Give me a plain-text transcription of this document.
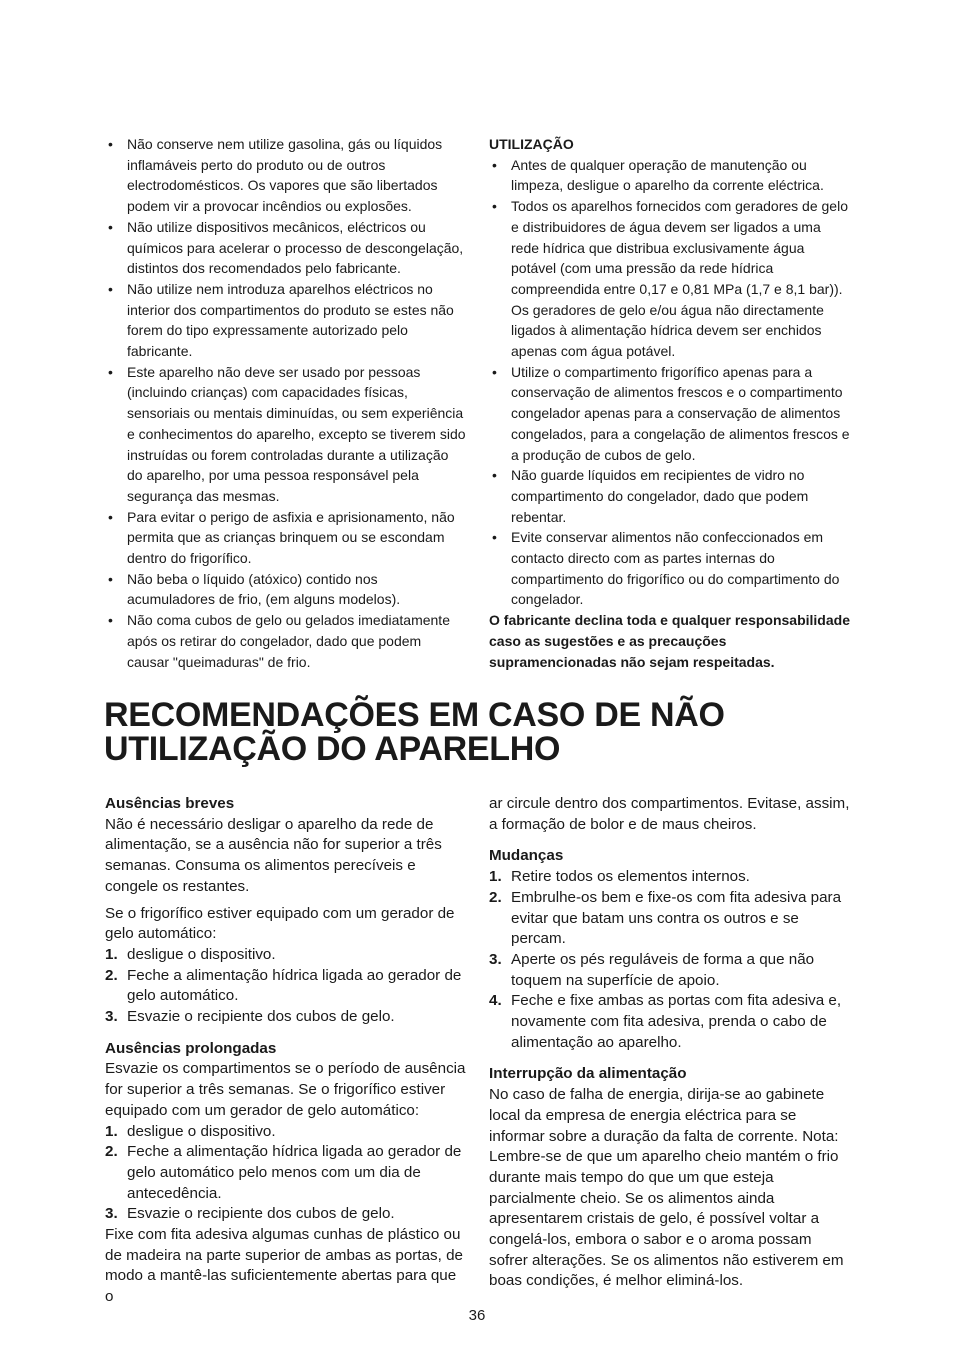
• Não conserve nem utilize gasolina, gás ou líquidos inflamáveis perto do produto ou de outros electrodomésticos. Os vapores que são libertados podem vir a provocar incêndios ou explosões.
• Não utilize dispositivos mecânicos, eléctricos ou químicos para acelerar o processo de descongelação, distintos dos recomendados pelo fabricante.
• Não utilize nem introduza aparelhos eléctricos no interior dos compartimentos do produto se estes não forem do tipo expressamente autorizado pelo fabricante.
• Este aparelho não deve ser usado por pessoas (incluindo crianças) com capacidades físicas, sensoriais ou mentais diminuídas, ou sem experiência e conhecimentos do aparelho, excepto se tiverem sido instruídas ou forem controladas durante a utilização do aparelho, por uma pessoa responsável pela segurança das mesmas.
• Para evitar o perigo de asfixia e aprisionamento, não permita que as crianças brinquem ou se escondam dentro do frigorífico.
• Não beba o líquido (atóxico) contido nos acumuladores de frio, (em alguns modelos).
• Não coma cubos de gelo ou gelados imediatamente após os retirar do congelador, dado que podem causar "queimaduras" de frio.
UTILIZAÇÃO
• Antes de qualquer operação de manutenção ou limpeza, desligue o aparelho da corrente eléctrica.
• Todos os aparelhos fornecidos com geradores de gelo e distribuidores de água devem ser ligados a uma rede hídrica que distribua exclusivamente água potável (com uma pressão da rede hídrica compreendida entre 0,17 e 0,81 MPa (1,7 e 8,1 bar)). Os geradores de gelo e/ou água não directamente ligados à alimentação hídrica devem ser enchidos apenas com água potável.
• Utilize o compartimento frigorífico apenas para a conservação de alimentos frescos e o compartimento congelador apenas para a conservação de alimentos congelados, para a congelação de alimentos frescos e a produção de cubos de gelo.
• Não guarde líquidos em recipientes de vidro no compartimento do congelador, dado que podem rebentar.
• Evite conservar alimentos não confeccionados em contacto directo com as partes internas do compartimento do frigorífico ou do compartimento do congelador.

O fabricante declina toda e qualquer responsabilidade caso as sugestões e as precauções supramencionadas não sejam respeitadas.

RECOMENDAÇÕES EM CASO DE NÃO UTILIZAÇÃO DO APARELHO
Ausências breves

Não é necessário desligar o aparelho da rede de alimentação, se a ausência não for superior a três semanas. Consuma os alimentos perecíveis e congele os restantes.

Se o frigorífico estiver equipado com um gerador de gelo automático:

1. desligue o dispositivo.
2. Feche a alimentação hídrica ligada ao gerador de gelo automático.
3. Esvazie o recipiente dos cubos de gelo.
Ausências prolongadas

Esvazie os compartimentos se o período de ausência for superior a três semanas. Se o frigorífico estiver equipado com um gerador de gelo automático:

1. desligue o dispositivo.
2. Feche a alimentação hídrica ligada ao gerador de gelo automático pelo menos com um dia de antecedência.
3. Esvazie o recipiente dos cubos de gelo.

Fixe com fita adesiva algumas cunhas de plástico ou de madeira na parte superior de ambas as portas, de modo a mantê-las suficientemente abertas para que o

ar circule dentro dos compartimentos. Evitase, assim, a formação de bolor e de maus cheiros.

Mudanças
1. Retire todos os elementos internos.
2. Embrulhe-os bem e fixe-os com fita adesiva para evitar que batam uns contra os outros e se percam.
3. Aperte os pés reguláveis de forma a que não toquem na superfície de apoio.
4. Feche e fixe ambas as portas com fita adesiva e, novamente com fita adesiva, prenda o cabo de alimentação ao aparelho.
Interrupção da alimentação

No caso de falha de energia, dirija-se ao gabinete local da empresa de energia eléctrica para se informar sobre a duração da falta de corrente. Nota: Lembre-se de que um aparelho cheio mantém o frio durante mais tempo do que um que esteja parcialmente cheio. Se os alimentos ainda apresentarem cristais de gelo, é possível voltar a congelá-los, embora o sabor e o aroma possam sofrer alterações. Se os alimentos não estiverem em boas condições, é melhor eliminá-los.

36
